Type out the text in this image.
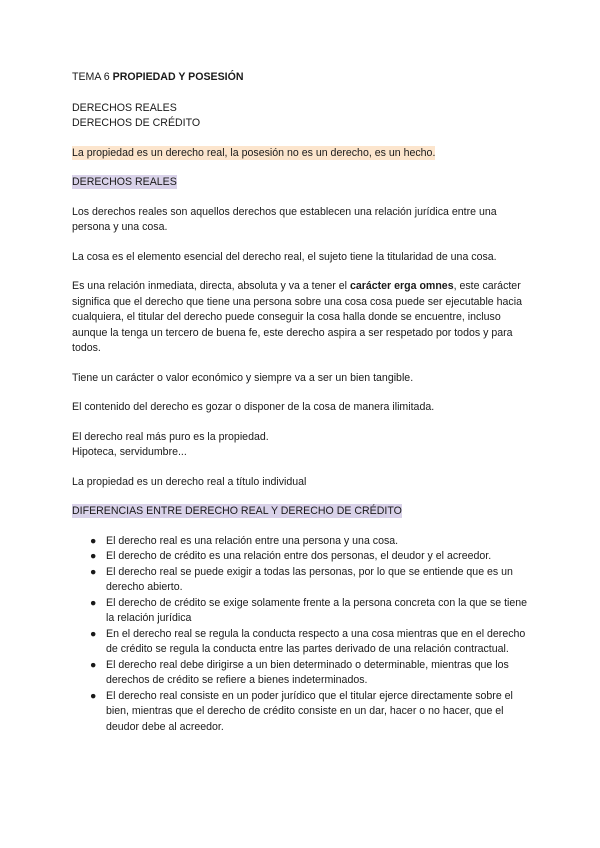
TEMA 6 PROPIEDAD Y POSESIÓN

DERECHOS REALES

DERECHOS DE CRÉDITO

La propiedad es un derecho real, la posesión no es un derecho, es un hecho.

DERECHOS REALES

Los derechos reales son aquellos derechos que establecen una relación jurídica entre una persona y una cosa.

La cosa es el elemento esencial del derecho real, el sujeto tiene la titularidad de una cosa.

Es una relación inmediata, directa, absoluta y va a tener el carácter erga omnes, este carácter significa que el derecho que tiene una persona sobre una cosa cosa puede ser ejecutable hacia cualquiera, el titular del derecho puede conseguir la cosa halla donde se encuentre, incluso aunque la tenga un tercero de buena fe, este derecho aspira a ser respetado por todos y para todos.

Tiene un carácter o valor económico y siempre va a ser un bien tangible.

El contenido del derecho es gozar o disponer de la cosa de manera ilimitada.

El derecho real más puro es la propiedad.

Hipoteca, servidumbre...

La propiedad es un derecho real a título individual

DIFERENCIAS ENTRE DERECHO REAL Y DERECHO DE CRÉDITO

● El derecho real es una relación entre una persona y una cosa.
● El derecho de crédito es una relación entre dos personas, el deudor y el acreedor.
● El derecho real se puede exigir a todas las personas, por lo que se entiende que es un derecho abierto.
● El derecho de crédito se exige solamente frente a la persona concreta con la que se tiene la relación jurídica
● En el derecho real se regula la conducta respecto a una cosa mientras que en el derecho de crédito se regula la conducta entre las partes derivado de una relación contractual.
● El derecho real debe dirigirse a un bien determinado o determinable, mientras que los derechos de crédito se refiere a bienes indeterminados.
● El derecho real consiste en un poder jurídico que el titular ejerce directamente sobre el bien, mientras que el derecho de crédito consiste en un dar, hacer o no hacer, que el deudor debe al acreedor.
